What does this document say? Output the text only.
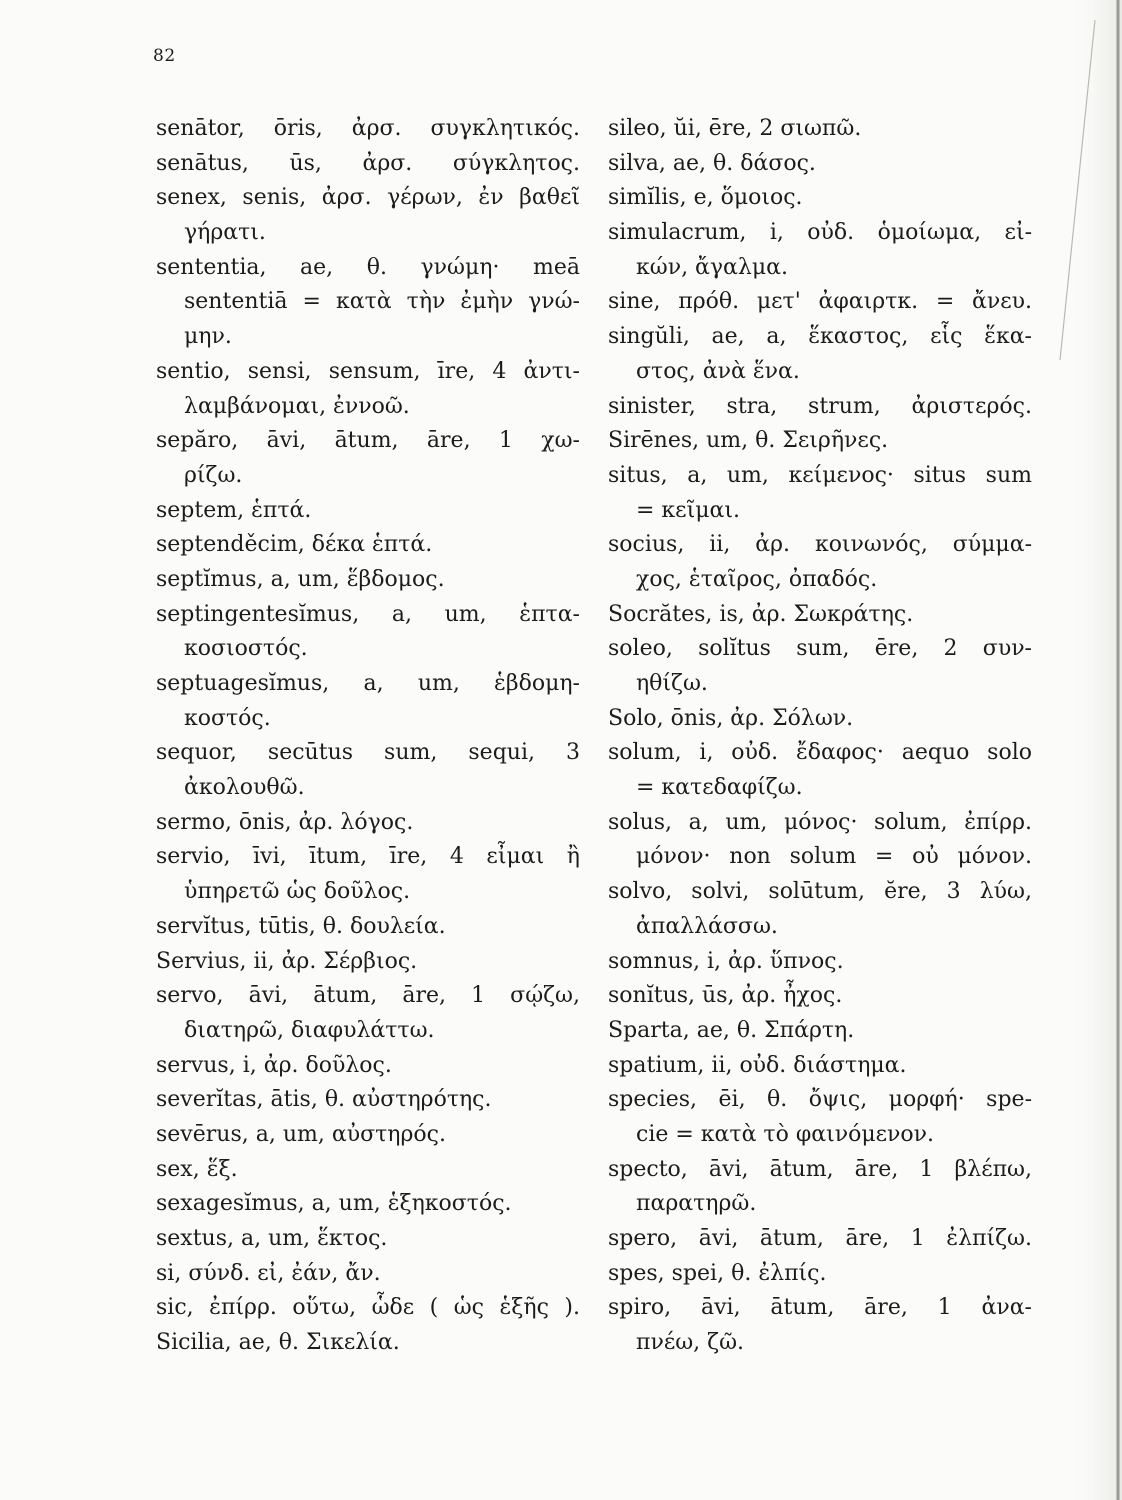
82
senātor, ōris, ἀρσ. συγκλητικός.
senātus, ūs, ἀρσ. σύγκλητος.
senex, senis, ἀρσ. γέρων, ἐν βαθεῖ
γήρατι.
sententia, ae, θ. γνώμη· meā
sententiā = κατὰ τὴν ἐμὴν γνώ-
μην.
sentio, sensi, sensum, īre, 4 ἀντι-
λαμβάνομαι, ἐννοῶ.
sepăro, āvi, ātum, āre, 1 χω-
ρίζω.
septem, ἑπτά.
septenděcim, δέκα ἑπτά.
septĭmus, a, um, ἕβδομος.
septingentesĭmus, a, um, ἑπτα-
κοσιοστός.
septuagesĭmus, a, um, ἑβδομη-
κοστός.
sequor, secūtus sum, sequi, 3
ἀκολουθῶ.
sermo, ōnis, ἀρ. λόγος.
servio, īvi, ītum, īre, 4 εἶμαι ἢ
ὑπηρετῶ ὡς δοῦλος.
servĭtus, tūtis, θ. δουλεία.
Servius, ii, ἀρ. Σέρβιος.
servo, āvi, ātum, āre, 1 σῴζω,
διατηρῶ, διαφυλάττω.
servus, i, ἀρ. δοῦλος.
severĭtas, ātis, θ. αὐστηρότης.
sevērus, a, um, αὐστηρός.
sex, ἕξ.
sexagesĭmus, a, um, ἑξηκοστός.
sextus, a, um, ἕκτος.
si, σύνδ. εἰ, ἐάν, ἄν.
sic, ἐπίρρ. οὕτω, ὧδε ( ὡς ἑξῆς ).
Sicilia, ae, θ. Σικελία.
sileo, ŭi, ēre, 2 σιωπῶ.
silva, ae, θ. δάσος.
simĭlis, e, ὅμοιος.
simulacrum, i, οὐδ. ὁμοίωμα, εἰ-
κών, ἄγαλμα.
sine, πρόθ. μετ' ἀφαιρτκ. = ἄνευ.
singŭli, ae, a, ἕκαστος, εἷς ἕκα-
στος, ἀνὰ ἕνα.
sinister, stra, strum, ἀριστερός.
Sirēnes, um, θ. Σειρῆνες.
situs, a, um, κείμενος· situs sum
= κεῖμαι.
socius, ii, ἀρ. κοινωνός, σύμμα-
χος, ἑταῖρος, ὀπαδός.
Socrătes, is, ἀρ. Σωκράτης.
soleo, solĭtus sum, ēre, 2 συν-
ηθίζω.
Solo, ōnis, ἀρ. Σόλων.
solum, i, οὐδ. ἔδαφος· aequo solo
= κατεδαφίζω.
solus, a, um, μόνος· solum, ἐπίρρ.
μόνον· non solum = οὐ μόνον.
solvo, solvi, solūtum, ĕre, 3 λύω,
ἀπαλλάσσω.
somnus, i, ἀρ. ὕπνος.
sonĭtus, ūs, ἀρ. ἦχος.
Sparta, ae, θ. Σπάρτη.
spatium, ii, οὐδ. διάστημα.
species, ēi, θ. ὄψις, μορφή· spe-
cie = κατὰ τὸ φαινόμενον.
specto, āvi, ātum, āre, 1 βλέπω,
παρατηρῶ.
spero, āvi, ātum, āre, 1 ἐλπίζω.
spes, spei, θ. ἐλπίς.
spiro, āvi, ātum, āre, 1 ἀνα-
πνέω, ζῶ.
